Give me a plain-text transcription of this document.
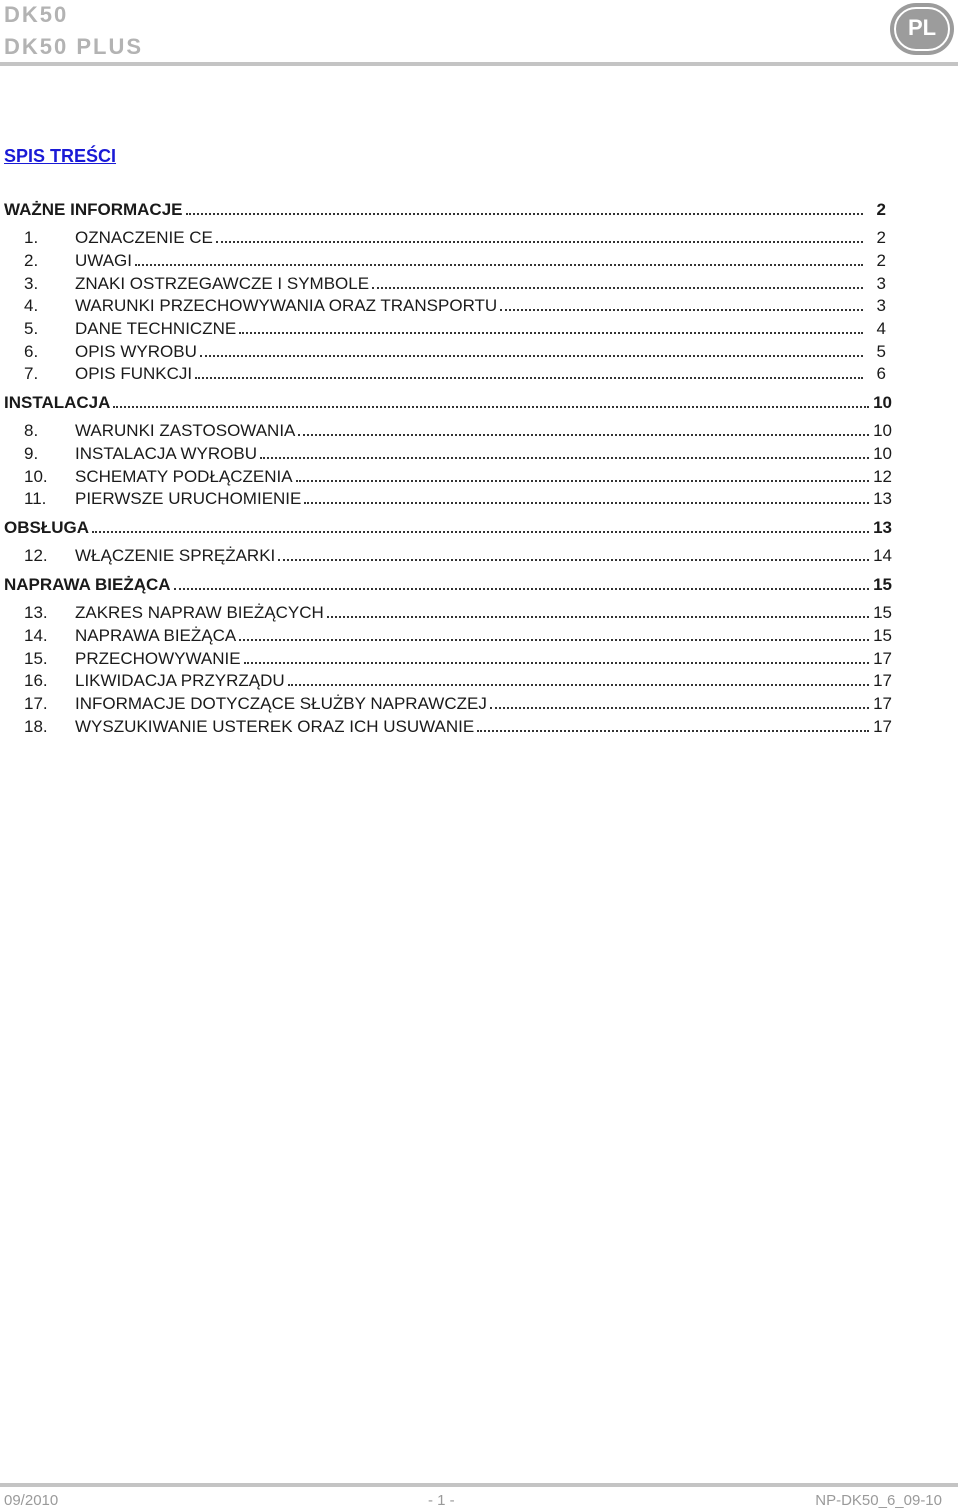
DK50
DK50 PLUS
PL
SPIS TREŚCI
WAŻNE INFORMACJE	2
1.	OZNACZENIE CE	2
2.	UWAGI	2
3.	ZNAKI OSTRZEGAWCZE I SYMBOLE	3
4.	WARUNKI PRZECHOWYWANIA ORAZ TRANSPORTU	3
5.	DANE TECHNICZNE	4
6.	OPIS WYROBU	5
7.	OPIS FUNKCJI	6
INSTALACJA	10
8.	WARUNKI ZASTOSOWANIA	10
9.	INSTALACJA WYROBU	10
10.	SCHEMATY PODŁĄCZENIA	12
11.	PIERWSZE URUCHOMIENIE	13
OBSŁUGA	13
12.	WŁĄCZENIE SPRĘŻARKI	14
NAPRAWA BIEŻĄCA	15
13.	ZAKRES NAPRAW BIEŻĄCYCH	15
14.	NAPRAWA BIEŻĄCA	15
15.	PRZECHOWYWANIE	17
16.	LIKWIDACJA PRZYRZĄDU	17
17.	INFORMACJE DOTYCZĄCE SŁUŻBY NAPRAWCZEJ	17
18.	WYSZUKIWANIE USTEREK ORAZ ICH USUWANIE	17
09/2010	- 1 -	NP-DK50_6_09-10
